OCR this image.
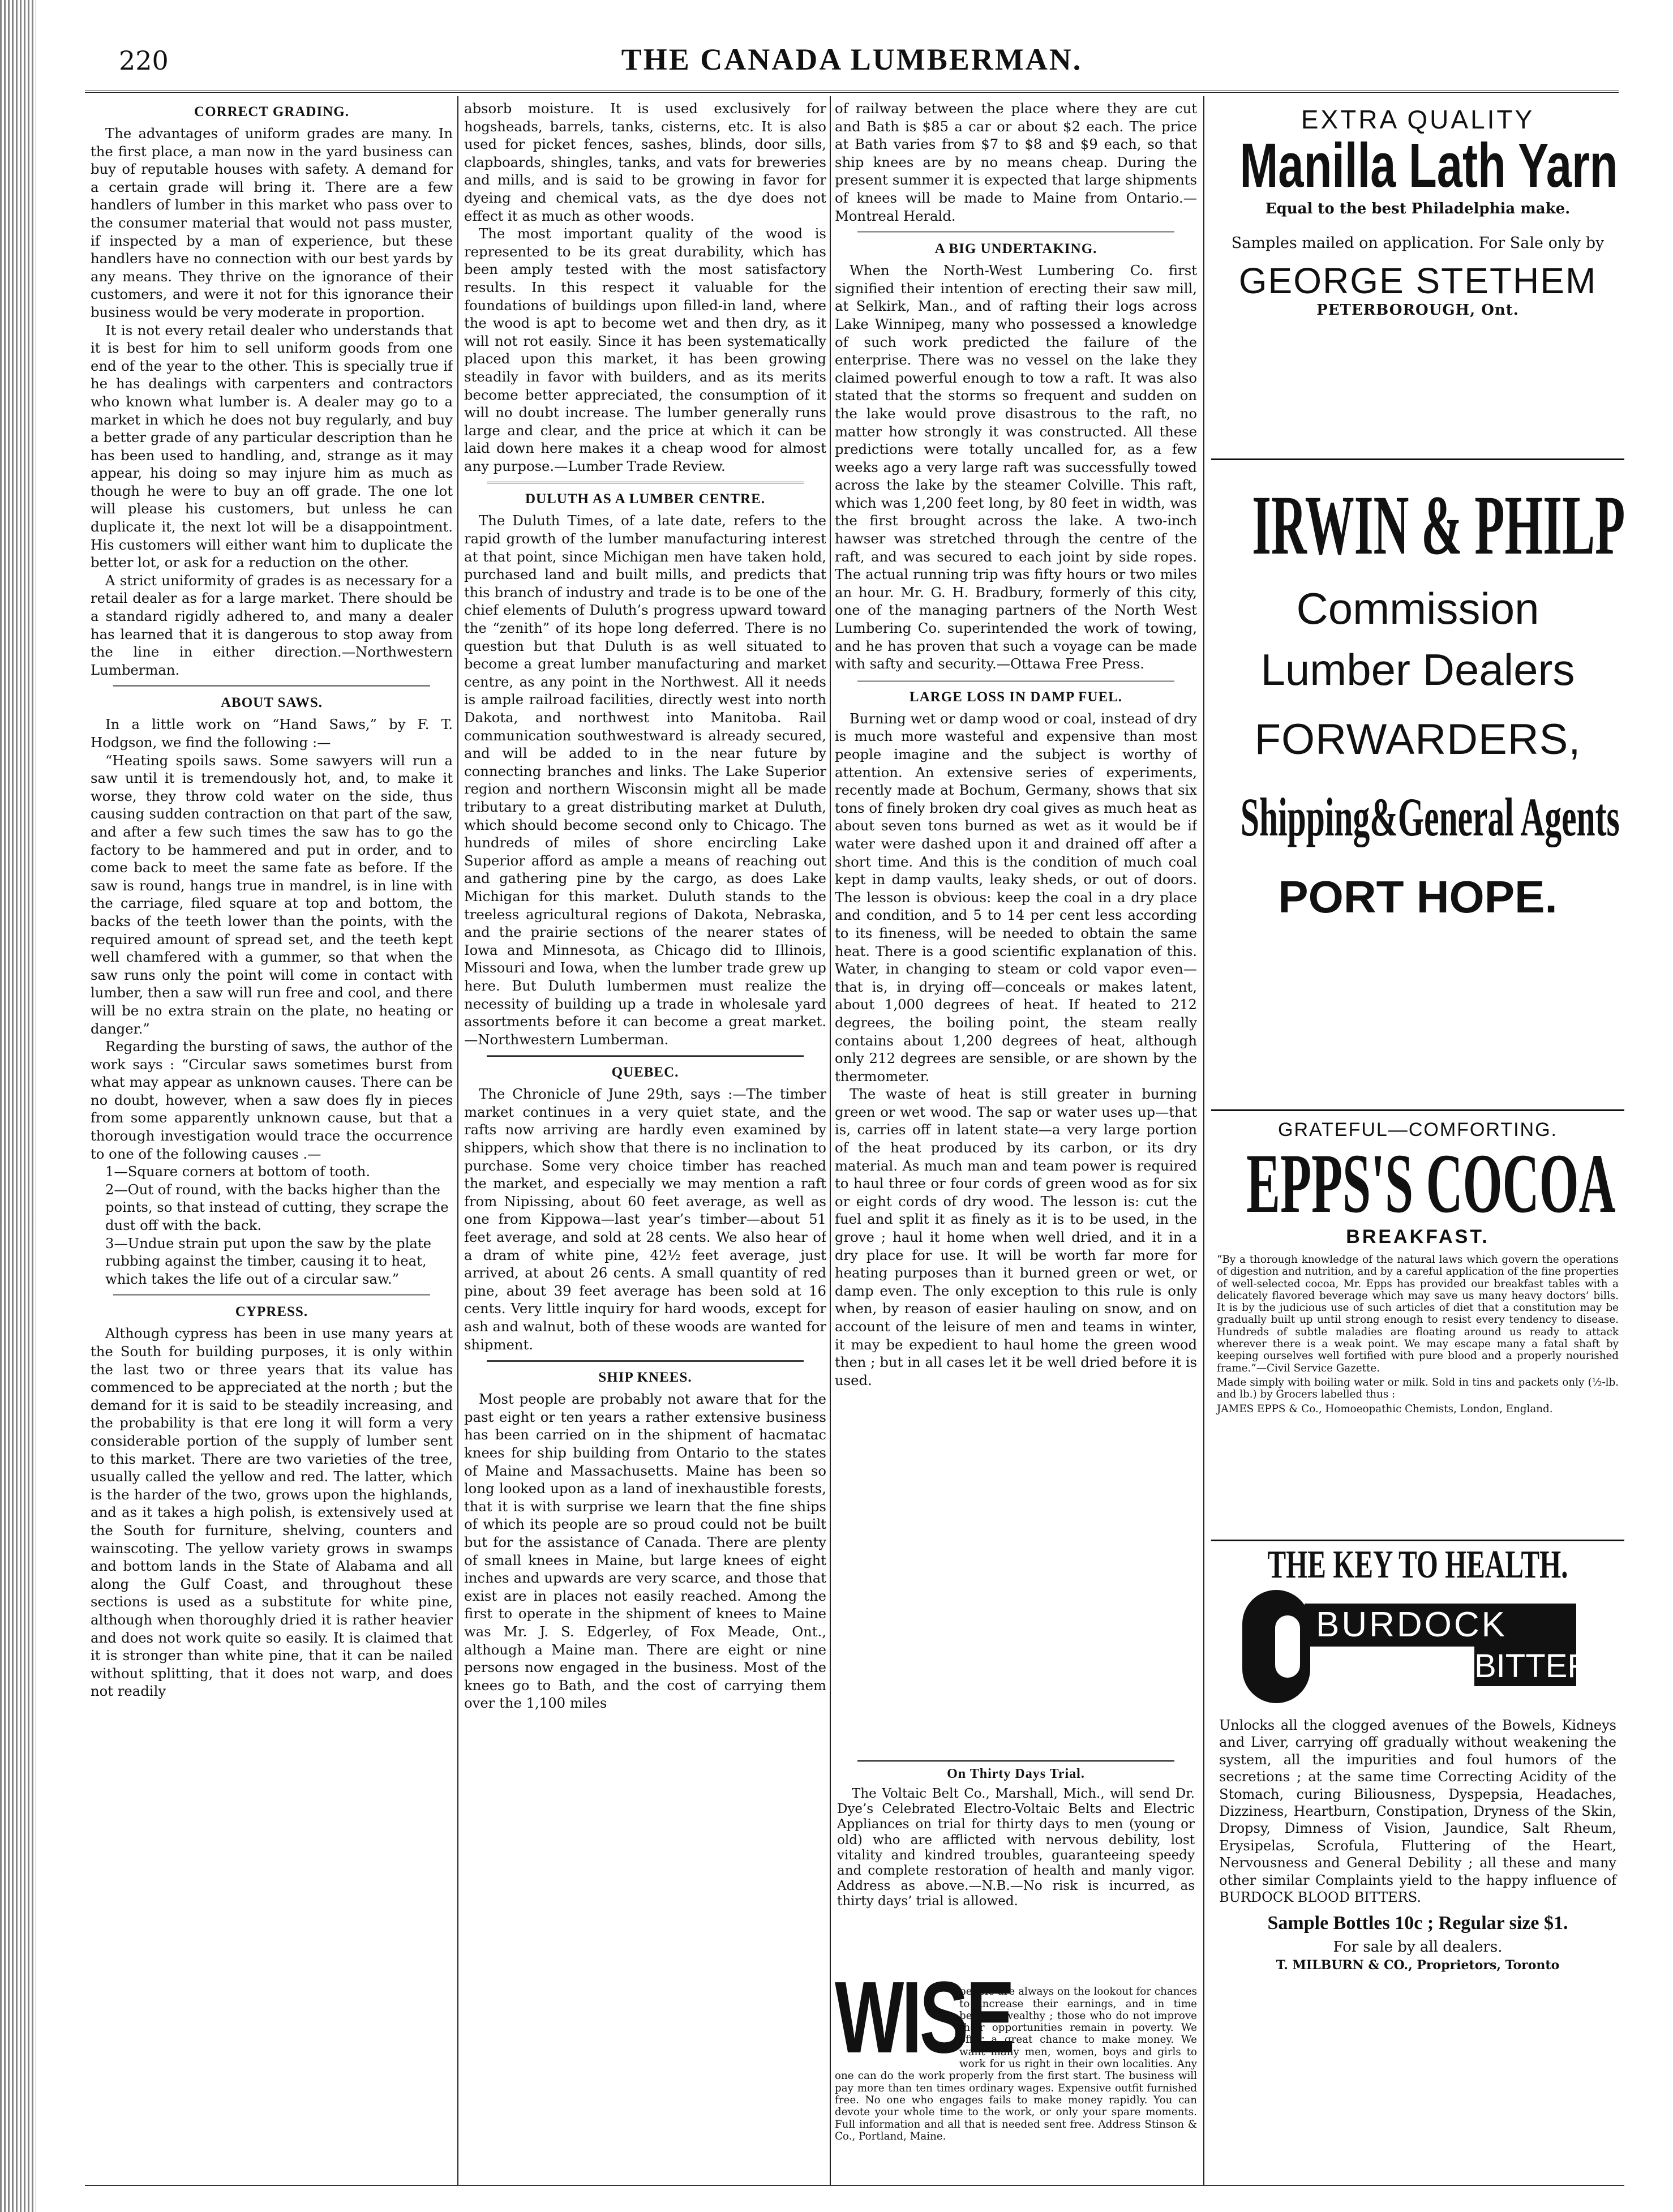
220	THE CANADA LUMBERMAN.
CORRECT GRADING.

The advantages of uniform grades are many. In the first place, a man now in the yard business can buy of reputable houses with safety. A demand for a certain grade will bring it. There are a few handlers of lumber in this market who pass over to the consumer material that would not pass muster, if inspected by a man of experience, but these handlers have no connection with our best yards by any means. They thrive on the ignorance of their customers, and were it not for this ignorance their business would be very moderate in proportion.

It is not every retail dealer who understands that it is best for him to sell uniform goods from one end of the year to the other. This is specially true if he has dealings with carpenters and contractors who known what lumber is. A dealer may go to a market in which he does not buy regularly, and buy a better grade of any particular description than he has been used to handling, and, strange as it may appear, his doing so may injure him as much as though he were to buy an off grade. The one lot will please his customers, but unless he can duplicate it, the next lot will be a disappointment. His customers will either want him to duplicate the better lot, or ask for a reduction on the other.

A strict uniformity of grades is as necessary for a retail dealer as for a large market. There should be a standard rigidly adhered to, and many a dealer has learned that it is dangerous to stop away from the line in either direction.—Northwestern Lumberman.

ABOUT SAWS.

In a little work on “Hand Saws,” by F. T. Hodgson, we find the following :—

“Heating spoils saws. Some sawyers will run a saw until it is tremendously hot, and, to make it worse, they throw cold water on the side, thus causing sudden contraction on that part of the saw, and after a few such times the saw has to go the factory to be hammered and put in order, and to come back to meet the same fate as before. If the saw is round, hangs true in mandrel, is in line with the carriage, filed square at top and bottom, the backs of the teeth lower than the points, with the required amount of spread set, and the teeth kept well chamfered with a gummer, so that when the saw runs only the point will come in contact with lumber, then a saw will run free and cool, and there will be no extra strain on the plate, no heating or danger.”

Regarding the bursting of saws, the author of the work says : “Circular saws sometimes burst from what may appear as unknown causes. There can be no doubt, however, when a saw does fly in pieces from some apparently unknown cause, but that a thorough investigation would trace the occurrence to one of the following causes .—

1—Square corners at bottom of tooth.
2—Out of round, with the backs higher than the points, so that instead of cutting, they scrape the dust off with the back.
3—Undue strain put upon the saw by the plate rubbing against the timber, causing it to heat, which takes the life out of a circular saw.”
CYPRESS.

Although cypress has been in use many years at the South for building purposes, it is only within the last two or three years that its value has commenced to be appreciated at the north ; but the demand for it is said to be steadily increasing, and the probability is that ere long it will form a very considerable portion of the supply of lumber sent to this market. There are two varieties of the tree, usually called the yellow and red. The latter, which is the harder of the two, grows upon the highlands, and as it takes a high polish, is extensively used at the South for furniture, shelving, counters and wainscoting. The yellow variety grows in swamps and bottom lands in the State of Alabama and all along the Gulf Coast, and throughout these sections is used as a substitute for white pine, although when thoroughly dried it is rather heavier and does not work quite so easily. It is claimed that it is stronger than white pine, that it can be nailed without splitting, that it does not warp, and does not readily

absorb moisture. It is used exclusively for hogsheads, barrels, tanks, cisterns, etc. It is also used for picket fences, sashes, blinds, door sills, clapboards, shingles, tanks, and vats for breweries and mills, and is said to be growing in favor for dyeing and chemical vats, as the dye does not effect it as much as other woods.

The most important quality of the wood is represented to be its great durability, which has been amply tested with the most satisfactory results. In this respect it valuable for the foundations of buildings upon filled-in land, where the wood is apt to become wet and then dry, as it will not rot easily. Since it has been systematically placed upon this market, it has been growing steadily in favor with builders, and as its merits become better appreciated, the consumption of it will no doubt increase. The lumber generally runs large and clear, and the price at which it can be laid down here makes it a cheap wood for almost any purpose.—Lumber Trade Review.

DULUTH AS A LUMBER CENTRE.

The Duluth Times, of a late date, refers to the rapid growth of the lumber manufacturing interest at that point, since Michigan men have taken hold, purchased land and built mills, and predicts that this branch of industry and trade is to be one of the chief elements of Duluth’s progress upward toward the “zenith” of its hope long deferred. There is no question but that Duluth is as well situated to become a great lumber manufacturing and market centre, as any point in the Northwest. All it needs is ample railroad facilities, directly west into north Dakota, and northwest into Manitoba. Rail communication southwestward is already secured, and will be added to in the near future by connecting branches and links. The Lake Superior region and northern Wisconsin might all be made tributary to a great distributing market at Duluth, which should become second only to Chicago. The hundreds of miles of shore encircling Lake Superior afford as ample a means of reaching out and gathering pine by the cargo, as does Lake Michigan for this market. Duluth stands to the treeless agricultural regions of Dakota, Nebraska, and the prairie sections of the nearer states of Iowa and Minnesota, as Chicago did to Illinois, Missouri and Iowa, when the lumber trade grew up here. But Duluth lumbermen must realize the necessity of building up a trade in wholesale yard assortments before it can become a great market.—Northwestern Lumberman.

QUEBEC.

The Chronicle of June 29th, says :—The timber market continues in a very quiet state, and the rafts now arriving are hardly even examined by shippers, which show that there is no inclination to purchase. Some very choice timber has reached the market, and especially we may mention a raft from Nipissing, about 60 feet average, as well as one from Kippowa—last year’s timber—about 51 feet average, and sold at 28 cents. We also hear of a dram of white pine, 42½ feet average, just arrived, at about 26 cents. A small quantity of red pine, about 39 feet average has been sold at 16 cents. Very little inquiry for hard woods, except for ash and walnut, both of these woods are wanted for shipment.

SHIP KNEES.

Most people are probably not aware that for the past eight or ten years a rather extensive business has been carried on in the shipment of hacmatac knees for ship building from Ontario to the states of Maine and Massachusetts. Maine has been so long looked upon as a land of inexhaustible forests, that it is with surprise we learn that the fine ships of which its people are so proud could not be built but for the assistance of Canada. There are plenty of small knees in Maine, but large knees of eight inches and upwards are very scarce, and those that exist are in places not easily reached. Among the first to operate in the shipment of knees to Maine was Mr. J. S. Edgerley, of Fox Meade, Ont., although a Maine man. There are eight or nine persons now engaged in the business. Most of the knees go to Bath, and the cost of carrying them over the 1,100 miles

of railway between the place where they are cut and Bath is $85 a car or about $2 each. The price at Bath varies from $7 to $8 and $9 each, so that ship knees are by no means cheap. During the present summer it is expected that large shipments of knees will be made to Maine from Ontario.—Montreal Herald.

A BIG UNDERTAKING.

When the North-West Lumbering Co. first signified their intention of erecting their saw mill, at Selkirk, Man., and of rafting their logs across Lake Winnipeg, many who possessed a knowledge of such work predicted the failure of the enterprise. There was no vessel on the lake they claimed powerful enough to tow a raft. It was also stated that the storms so frequent and sudden on the lake would prove disastrous to the raft, no matter how strongly it was constructed. All these predictions were totally uncalled for, as a few weeks ago a very large raft was successfully towed across the lake by the steamer Colville. This raft, which was 1,200 feet long, by 80 feet in width, was the first brought across the lake. A two-inch hawser was stretched through the centre of the raft, and was secured to each joint by side ropes. The actual running trip was fifty hours or two miles an hour. Mr. G. H. Bradbury, formerly of this city, one of the managing partners of the North West Lumbering Co. superintended the work of towing, and he has proven that such a voyage can be made with safty and security.—Ottawa Free Press.

LARGE LOSS IN DAMP FUEL.

Burning wet or damp wood or coal, instead of dry is much more wasteful and expensive than most people imagine and the subject is worthy of attention. An extensive series of experiments, recently made at Bochum, Germany, shows that six tons of finely broken dry coal gives as much heat as about seven tons burned as wet as it would be if water were dashed upon it and drained off after a short time. And this is the condition of much coal kept in damp vaults, leaky sheds, or out of doors. The lesson is obvious: keep the coal in a dry place and condition, and 5 to 14 per cent less according to its fineness, will be needed to obtain the same heat. There is a good scientific explanation of this. Water, in changing to steam or cold vapor even—that is, in drying off—conceals or makes latent, about 1,000 degrees of heat. If heated to 212 degrees, the boiling point, the steam really contains about 1,200 degrees of heat, although only 212 degrees are sensible, or are shown by the thermometer.

The waste of heat is still greater in burning green or wet wood. The sap or water uses up—that is, carries off in latent state—a very large portion of the heat produced by its carbon, or its dry material. As much man and team power is required to haul three or four cords of green wood as for six or eight cords of dry wood. The lesson is: cut the fuel and split it as finely as it is to be used, in the grove ; haul it home when well dried, and it in a dry place for use. It will be worth far more for heating purposes than it burned green or wet, or damp even. The only exception to this rule is only when, by reason of easier hauling on snow, and on account of the leisure of men and teams in winter, it may be expedient to haul home the green wood then ; but in all cases let it be well dried before it is used.

On Thirty Days Trial.

The Voltaic Belt Co., Marshall, Mich., will send Dr. Dye’s Celebrated Electro-Voltaic Belts and Electric Appliances on trial for thirty days to men (young or old) who are afflicted with nervous debility, lost vitality and kindred troubles, guaranteeing speedy and complete restoration of health and manly vigor. Address as above.—N.B.—No risk is incurred, as thirty days’ trial is allowed.

WISE

people are always on the lookout for chances to increase their earnings, and in time become wealthy ; those who do not improve their opportunities remain in poverty. We offer a great chance to make money. We want many men, women, boys and girls to work for us right in their own localities. Any one can do the work properly from the first start. The business will pay more than ten times ordinary wages. Expensive outfit furnished free. No one who engages fails to make money rapidly. You can devote your whole time to the work, or only your spare moments. Full information and all that is needed sent free. Address Stinson & Co., Portland, Maine.

EXTRA QUALITY
Manilla Lath Yarn
Equal to the best Philadelphia make.
Samples mailed on application. For Sale only by
GEORGE STETHEM
PETERBOROUGH, Ont.
IRWIN & PHILP
Commission
Lumber Dealers
FORWARDERS,
Shipping&General Agents
PORT HOPE.
GRATEFUL—COMFORTING.
EPPS'S COCOA
BREAKFAST.

“By a thorough knowledge of the natural laws which govern the operations of digestion and nutrition, and by a careful application of the fine properties of well-selected cocoa, Mr. Epps has provided our breakfast tables with a delicately flavored beverage which may save us many heavy doctors’ bills. It is by the judicious use of such articles of diet that a constitution may be gradually built up until strong enough to resist every tendency to disease. Hundreds of subtle maladies are floating around us ready to attack wherever there is a weak point. We may escape many a fatal shaft by keeping ourselves well fortified with pure blood and a properly nourished frame.”—Civil Service Gazette.

Made simply with boiling water or milk. Sold in tins and packets only (½-lb. and lb.) by Grocers labelled thus :

JAMES EPPS & Co., Homoeopathic Chemists, London, England.

THE KEY TO HEALTH.
BURDOCK BLOOD BITTERS

Unlocks all the clogged avenues of the Bowels, Kidneys and Liver, carrying off gradually without weakening the system, all the impurities and foul humors of the secretions ; at the same time Correcting Acidity of the Stomach, curing Biliousness, Dyspepsia, Headaches, Dizziness, Heartburn, Constipation, Dryness of the Skin, Dropsy, Dimness of Vision, Jaundice, Salt Rheum, Erysipelas, Scrofula, Fluttering of the Heart, Nervousness and General Debility ; all these and many other similar Complaints yield to the happy influence of BURDOCK BLOOD BITTERS.

Sample Bottles 10c ; Regular size $1.
For sale by all dealers.
T. MILBURN & CO., Proprietors, Toronto
